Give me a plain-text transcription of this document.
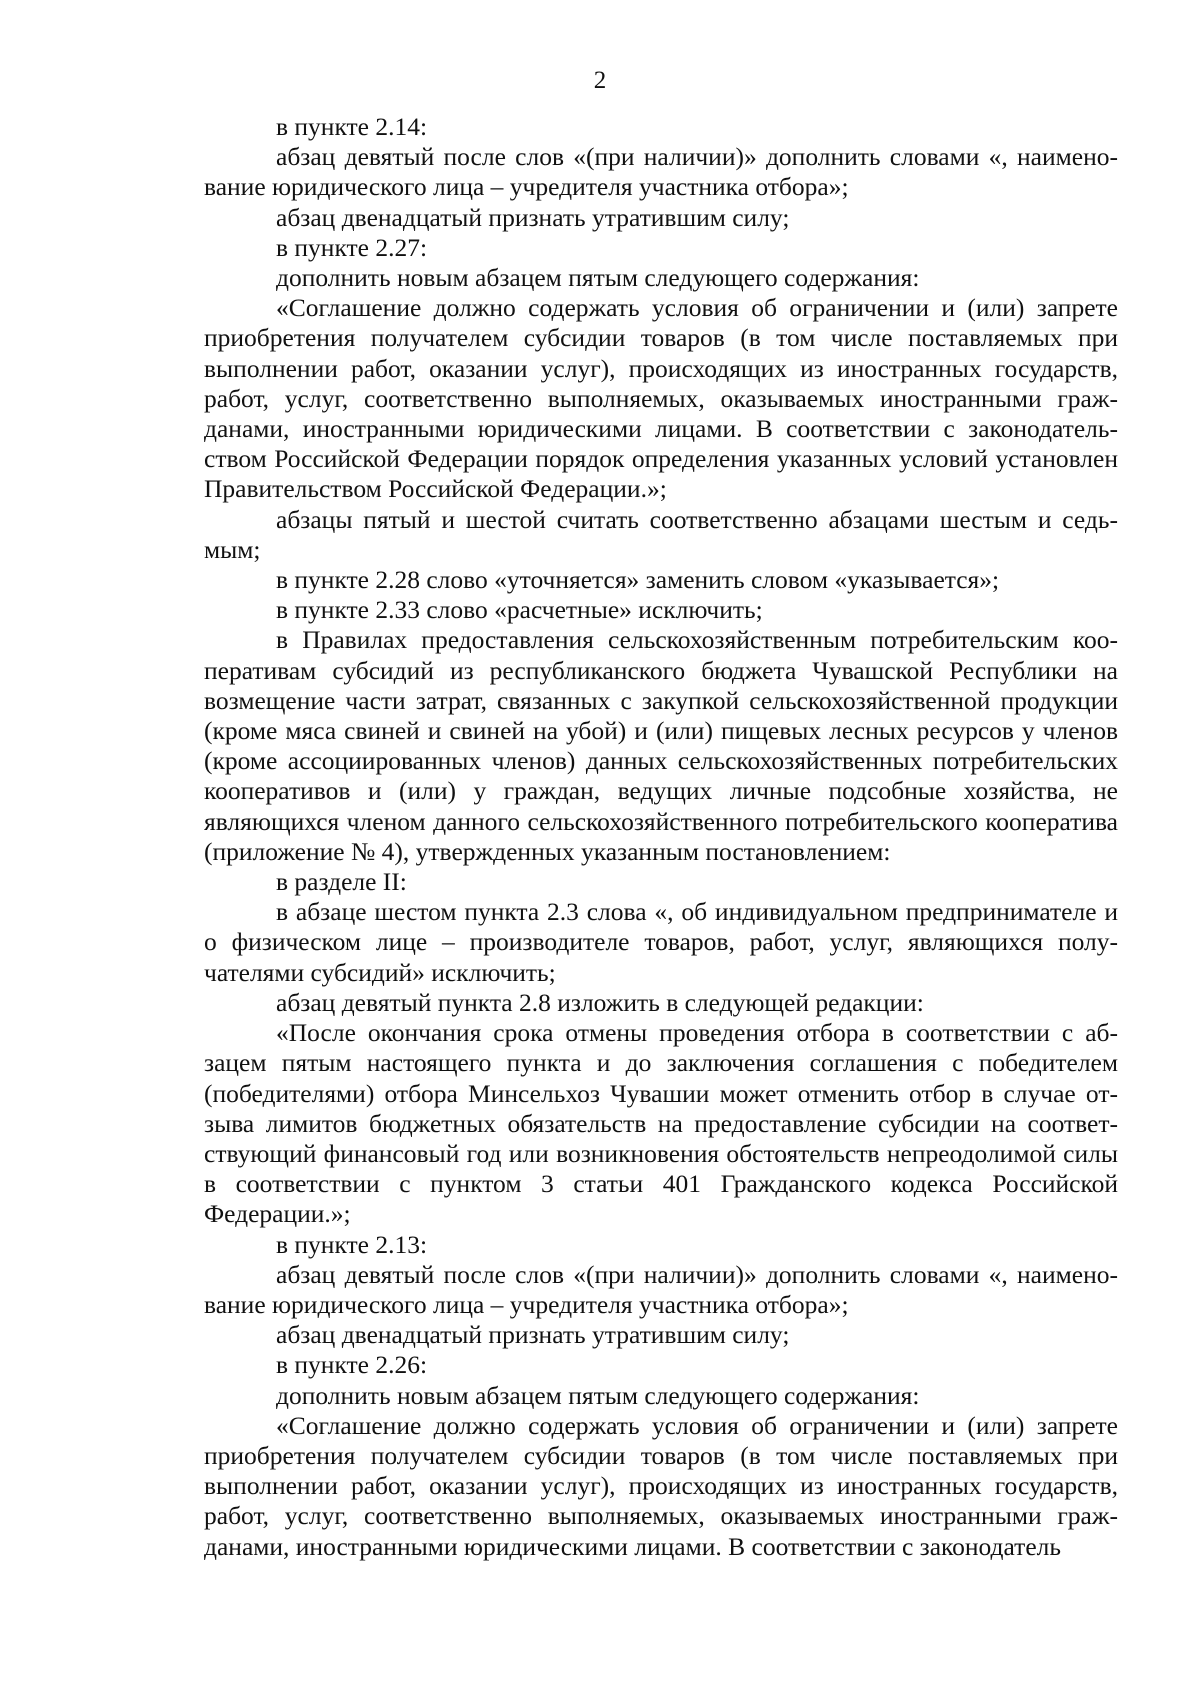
2

в пункте 2.14:

абзац девятый после слов «(при наличии)» дополнить словами «, наименование юридического лица – учредителя участника отбора»;

абзац двенадцатый признать утратившим силу;

в пункте 2.27:

дополнить новым абзацем пятым следующего содержания:

«Соглашение должно содержать условия об ограничении и (или) запрете приобретения получателем субсидии товаров (в том числе поставляемых при выполнении работ, оказании услуг), происходящих из иностранных государств, работ, услуг, соответственно выполняемых, оказываемых иностранными гражданами, иностранными юридическими лицами. В соответствии с законодательством Российской Федерации порядок определения указанных условий установлен Правительством Российской Федерации.»;

абзацы пятый и шестой считать соответственно абзацами шестым и седьмым;

в пункте 2.28 слово «уточняется» заменить словом «указывается»;

в пункте 2.33 слово «расчетные» исключить;

в Правилах предоставления сельскохозяйственным потребительским кооперативам субсидий из республиканского бюджета Чувашской Республики на возмещение части затрат, связанных с закупкой сельскохозяйственной продукции (кроме мяса свиней и свиней на убой) и (или) пищевых лесных ресурсов у членов (кроме ассоциированных членов) данных сельскохозяйственных потребительских кооперативов и (или) у граждан, ведущих личные подсобные хозяйства, не являющихся членом данного сельскохозяйственного потребительского кооператива (приложение № 4), утвержденных указанным постановлением:

в разделе II:

в абзаце шестом пункта 2.3 слова «, об индивидуальном предпринимателе и о физическом лице – производителе товаров, работ, услуг, являющихся получателями субсидий» исключить;

абзац девятый пункта 2.8 изложить в следующей редакции:

«После окончания срока отмены проведения отбора в соответствии с абзацем пятым настоящего пункта и до заключения соглашения с победителем (победителями) отбора Минсельхоз Чувашии может отменить отбор в случае отзыва лимитов бюджетных обязательств на предоставление субсидии на соответствующий финансовый год или возникновения обстоятельств непреодолимой силы в соответствии с пунктом 3 статьи 401 Гражданского кодекса Российской Федерации.»;

в пункте 2.13:

абзац девятый после слов «(при наличии)» дополнить словами «, наименование юридического лица – учредителя участника отбора»;

абзац двенадцатый признать утратившим силу;

в пункте 2.26:

дополнить новым абзацем пятым следующего содержания:

«Соглашение должно содержать условия об ограничении и (или) запрете приобретения получателем субсидии товаров (в том числе поставляемых при выполнении работ, оказании услуг), происходящих из иностранных государств, работ, услуг, соответственно выполняемых, оказываемых иностранными гражданами, иностранными юридическими лицами. В соответствии с законодатель
